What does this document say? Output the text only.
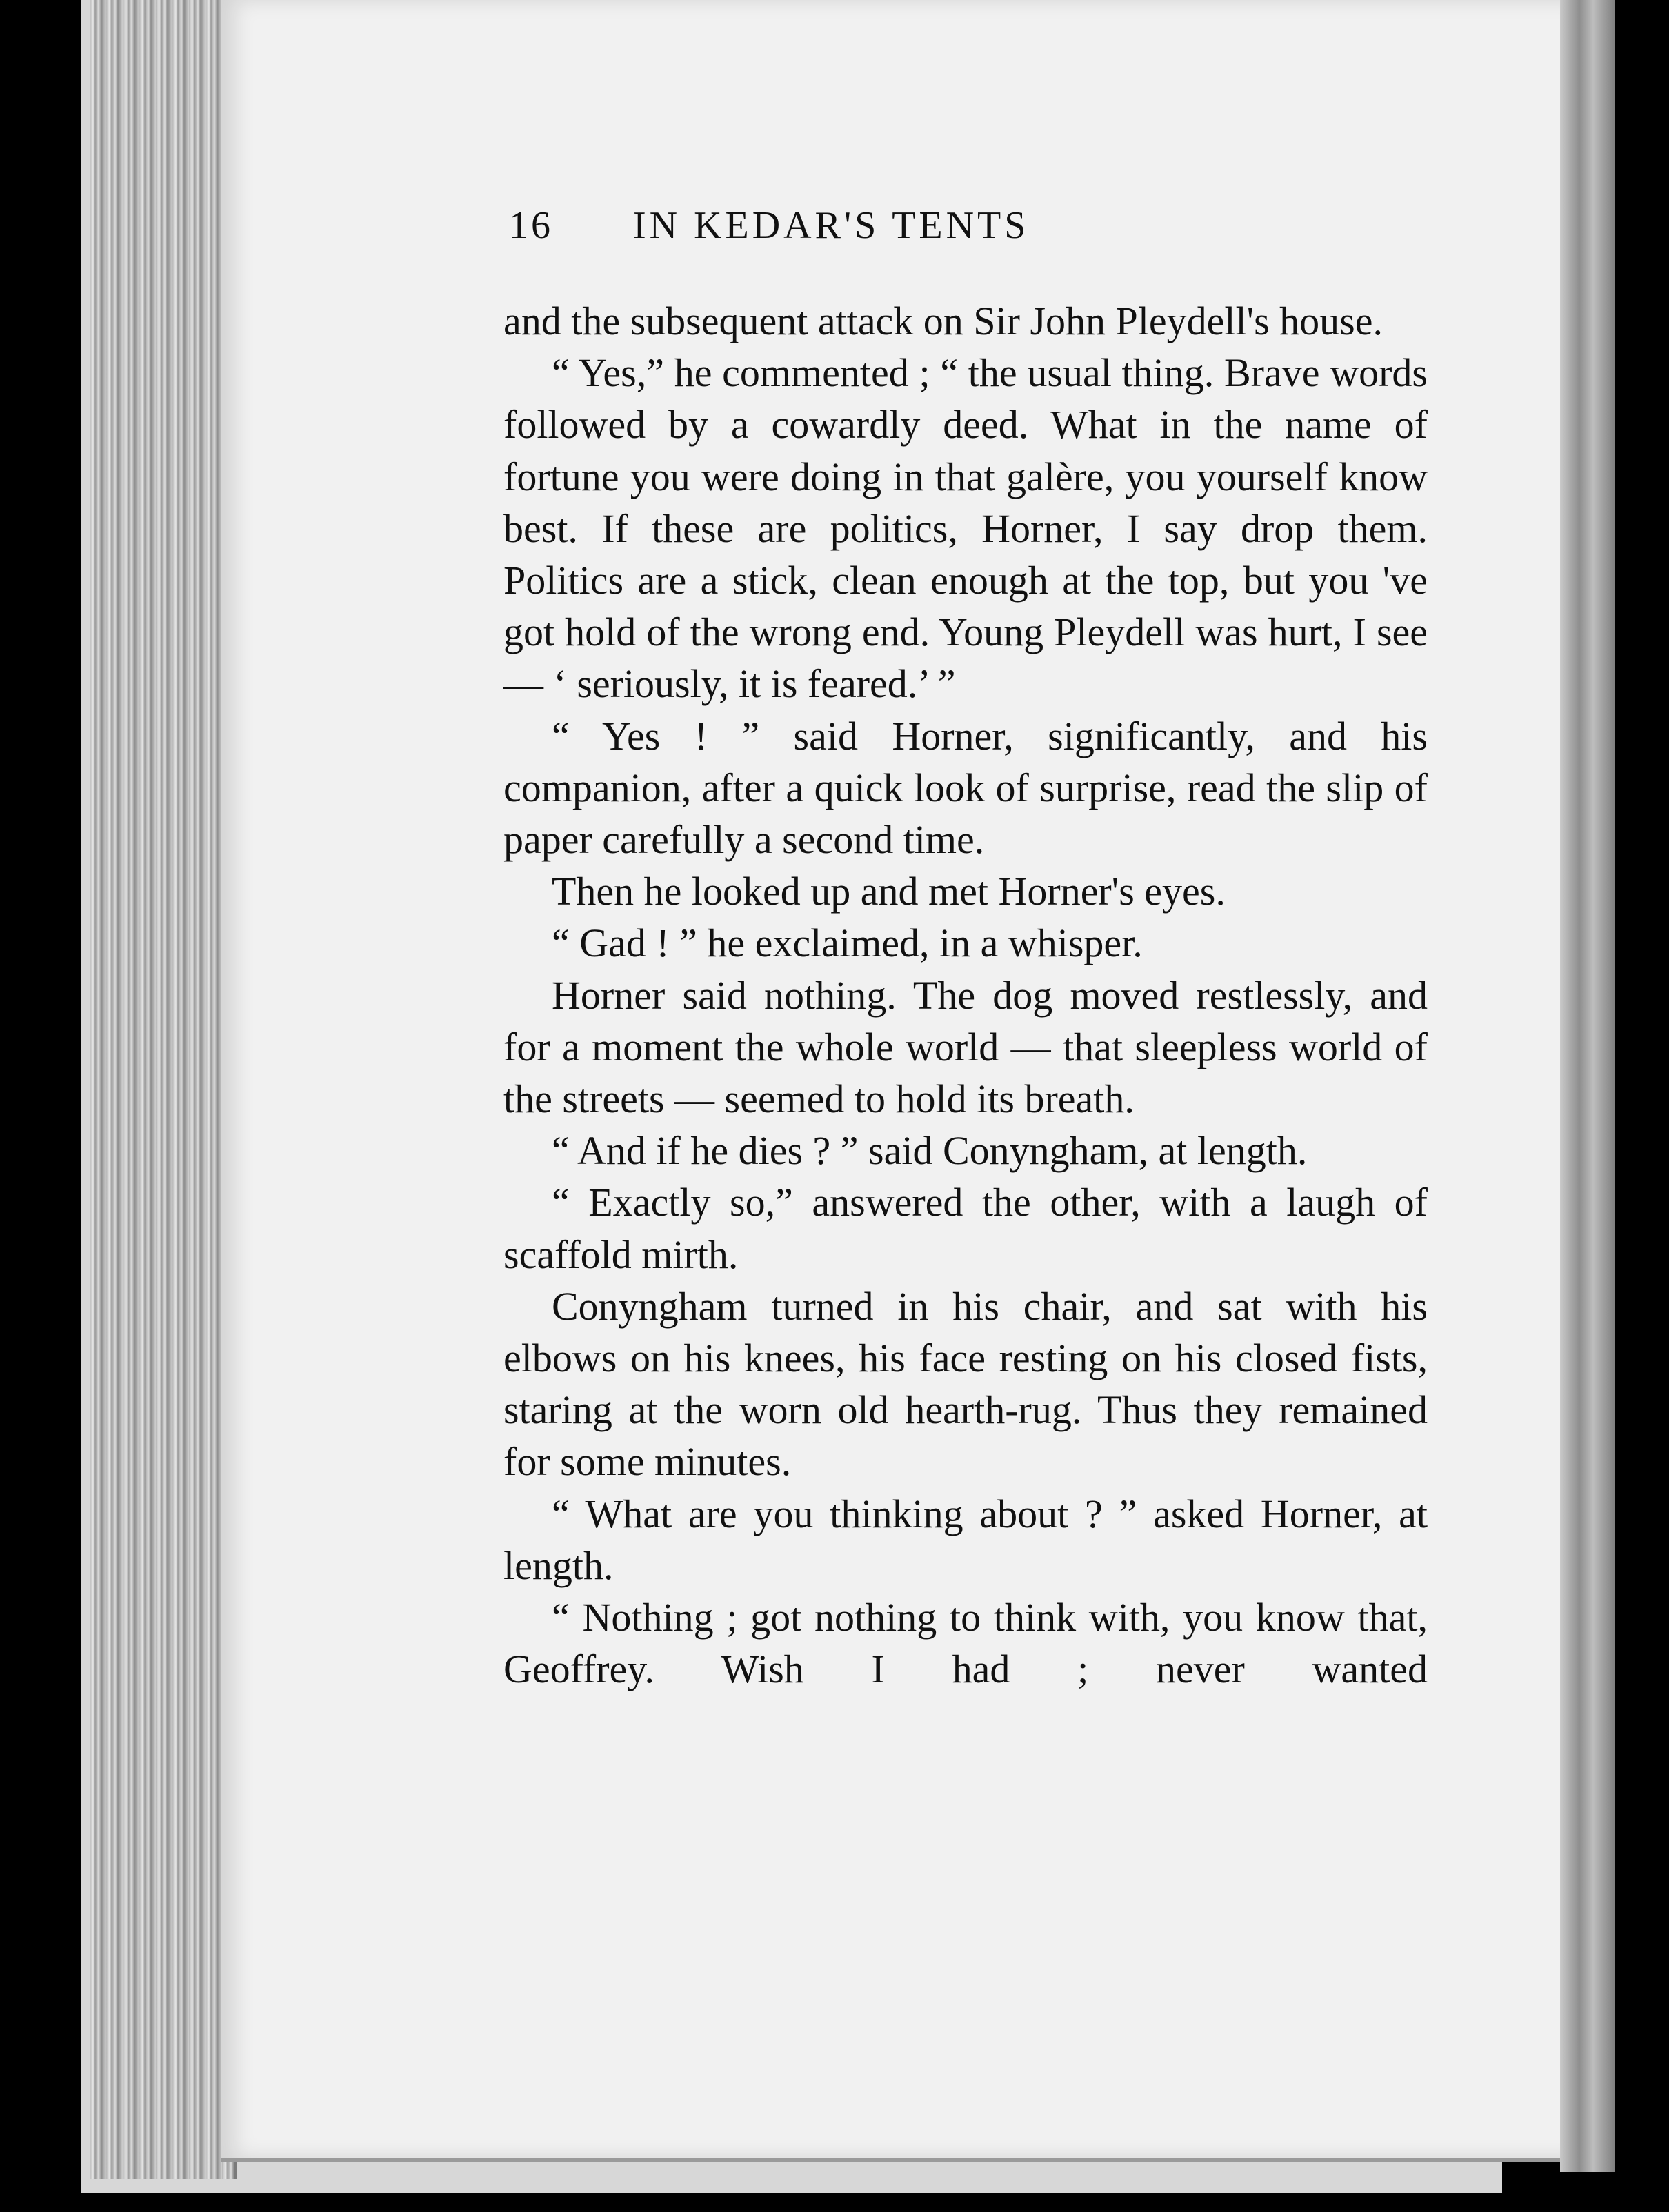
16 IN KEDAR'S TENTS

and the subsequent attack on Sir John Pleydell's house.

“ Yes,” he commented ; “ the usual thing. Brave words followed by a cowardly deed. What in the name of fortune you were doing in that galère, you yourself know best. If these are politics, Horner, I say drop them. Politics are a stick, clean enough at the top, but you 've got hold of the wrong end. Young Pleydell was hurt, I see — ‘ seriously, it is feared.’ ”

“ Yes ! ” said Horner, significantly, and his companion, after a quick look of surprise, read the slip of paper carefully a second time.

Then he looked up and met Horner's eyes.

“ Gad ! ” he exclaimed, in a whisper.

Horner said nothing. The dog moved restlessly, and for a moment the whole world — that sleepless world of the streets — seemed to hold its breath.

“ And if he dies ? ” said Conyngham, at length.

“ Exactly so,” answered the other, with a laugh of scaffold mirth.

Conyngham turned in his chair, and sat with his elbows on his knees, his face resting on his closed fists, staring at the worn old hearth-rug. Thus they remained for some minutes.

“ What are you thinking about ? ” asked Horner, at length.

“ Nothing ; got nothing to think with, you know that, Geoffrey. Wish I had ; never wanted
